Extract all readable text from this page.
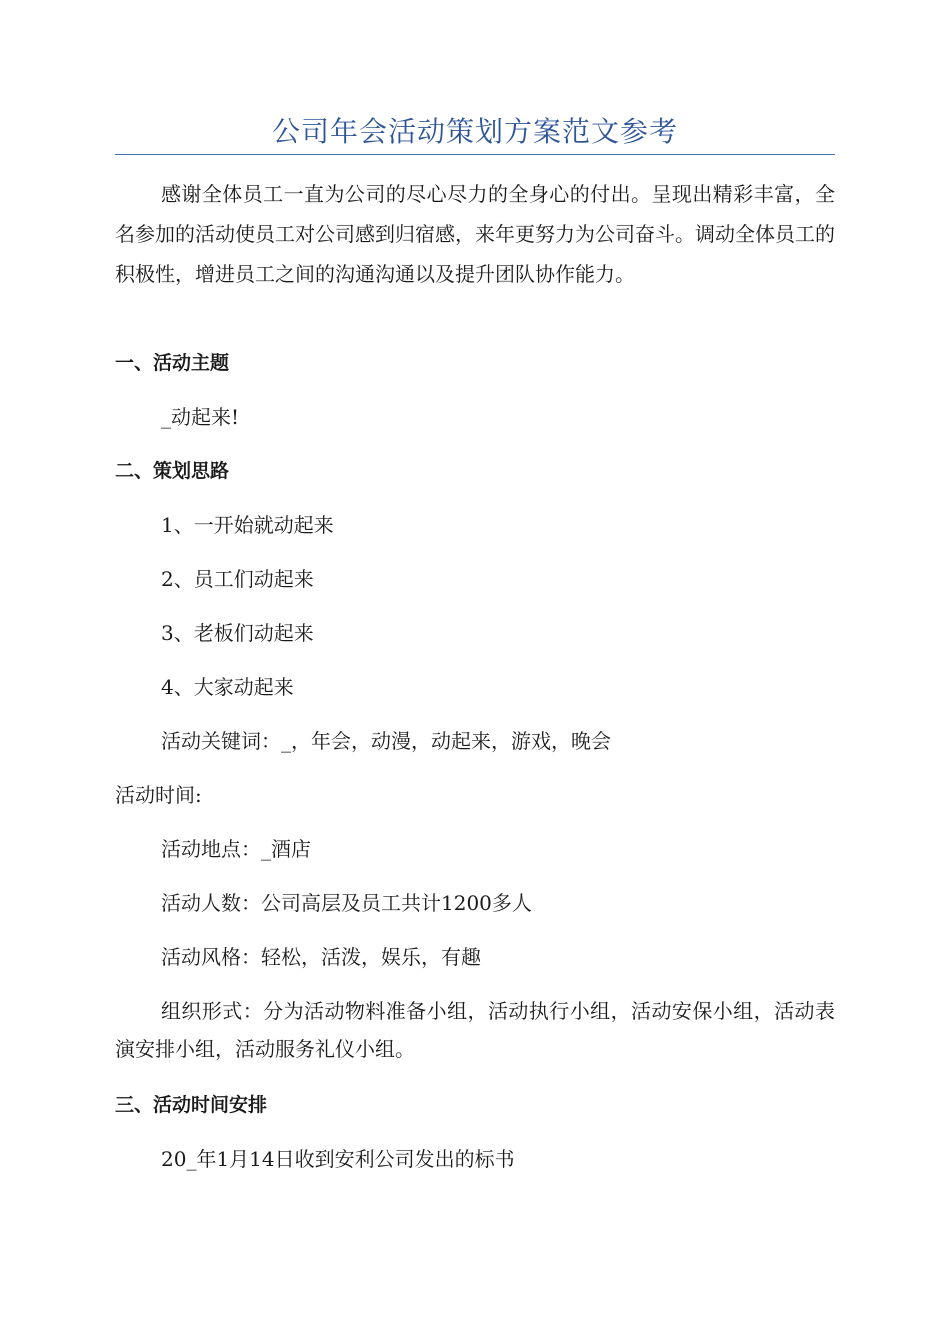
公司年会活动策划方案范文参考
感谢全体员工一直为公司的尽心尽力的全身心的付出。呈现出精彩丰富，全名参加的活动使员工对公司感到归宿感，来年更努力为公司奋斗。调动全体员工的积极性，增进员工之间的沟通沟通以及提升团队协作能力。
一、活动主题
_动起来!
二、策划思路
1、一开始就动起来
2、员工们动起来
3、老板们动起来
4、大家动起来
活动关键词：_，年会，动漫，动起来，游戏，晚会
活动时间:
活动地点：_酒店
活动人数：公司高层及员工共计1200多人
活动风格：轻松，活泼，娱乐，有趣
组织形式：分为活动物料准备小组，活动执行小组，活动安保小组，活动表演安排小组，活动服务礼仪小组。
三、活动时间安排
20_年1月14日收到安利公司发出的标书
